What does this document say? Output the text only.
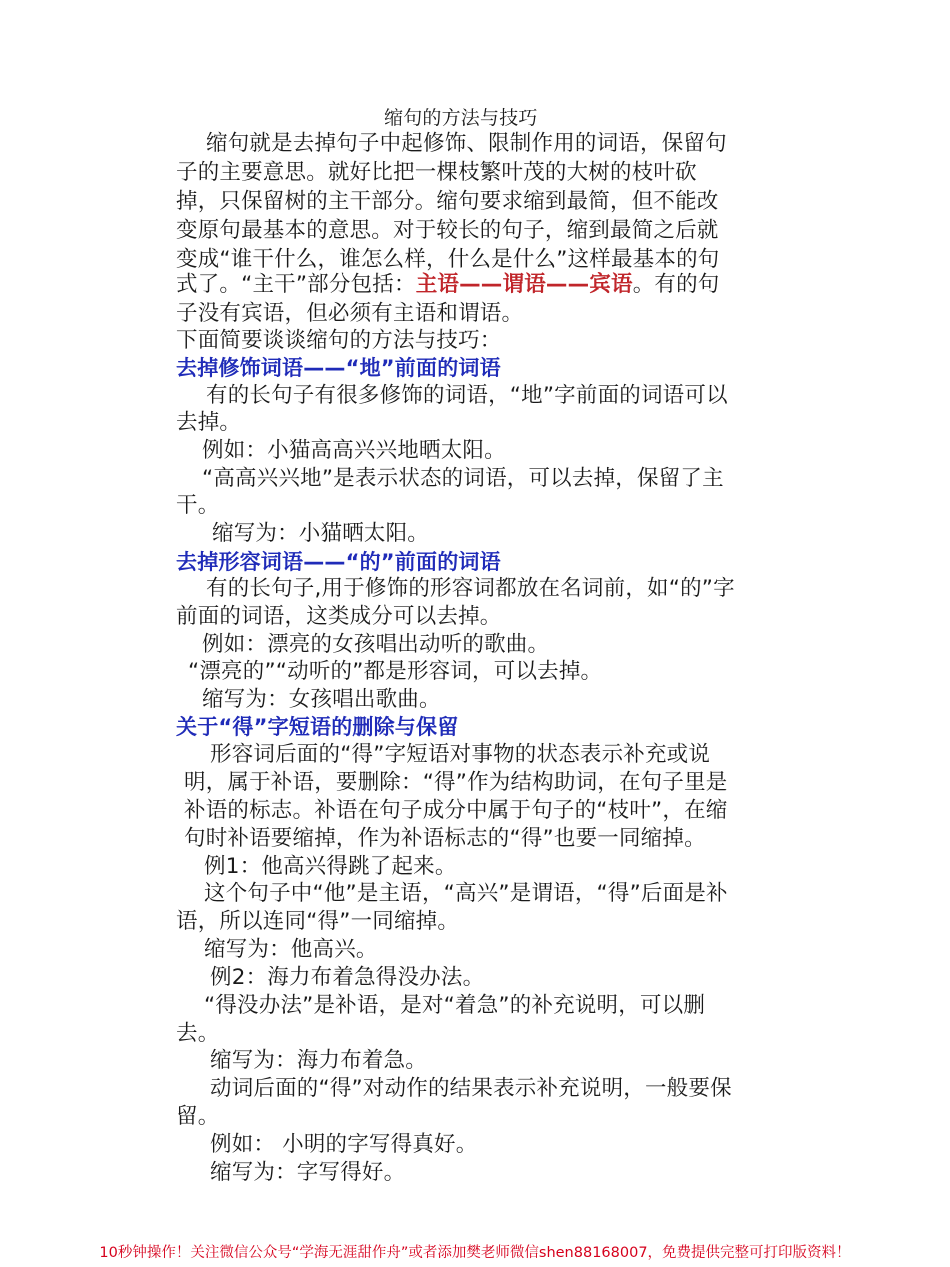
缩句的方法与技巧
缩句就是去掉句子中起修饰、限制作用的词语，保留句
子的主要意思。就好比把一棵枝繁叶茂的大树的枝叶砍
掉，只保留树的主干部分。缩句要求缩到最简，但不能改
变原句最基本的意思。对于较长的句子，缩到最简之后就
变成“谁干什么，谁怎么样，什么是什么”这样最基本的句
式了。“主干”部分包括：主语——谓语——宾语。有的句
子没有宾语，但必须有主语和谓语。
下面简要谈谈缩句的方法与技巧：
去掉修饰词语——“地”前面的词语
有的长句子有很多修饰的词语，“地”字前面的词语可以
去掉。
例如：小猫高高兴兴地晒太阳。
“高高兴兴地”是表示状态的词语，可以去掉，保留了主
干。
缩写为：小猫晒太阳。
去掉形容词语——“的”前面的词语
有的长句子,用于修饰的形容词都放在名词前，如“的”字
前面的词语，这类成分可以去掉。
例如：漂亮的女孩唱出动听的歌曲。
“漂亮的”“动听的”都是形容词，可以去掉。
缩写为：女孩唱出歌曲。
关于“得”字短语的删除与保留
形容词后面的“得”字短语对事物的状态表示补充或说
明，属于补语，要删除：“得”作为结构助词，在句子里是
补语的标志。补语在句子成分中属于句子的“枝叶”，在缩
句时补语要缩掉，作为补语标志的“得”也要一同缩掉。
例1：他高兴得跳了起来。
这个句子中“他”是主语，“高兴”是谓语，“得”后面是补
语，所以连同“得”一同缩掉。
缩写为：他高兴。
例2：海力布着急得没办法。
“得没办法”是补语，是对“着急”的补充说明，可以删
去。
缩写为：海力布着急。
动词后面的“得”对动作的结果表示补充说明，一般要保
留。
例如： 小明的字写得真好。
缩写为：字写得好。
10秒钟操作！关注微信公众号“学海无涯甜作舟”或者添加樊老师微信shen88168007，免费提供完整可打印版资料！
